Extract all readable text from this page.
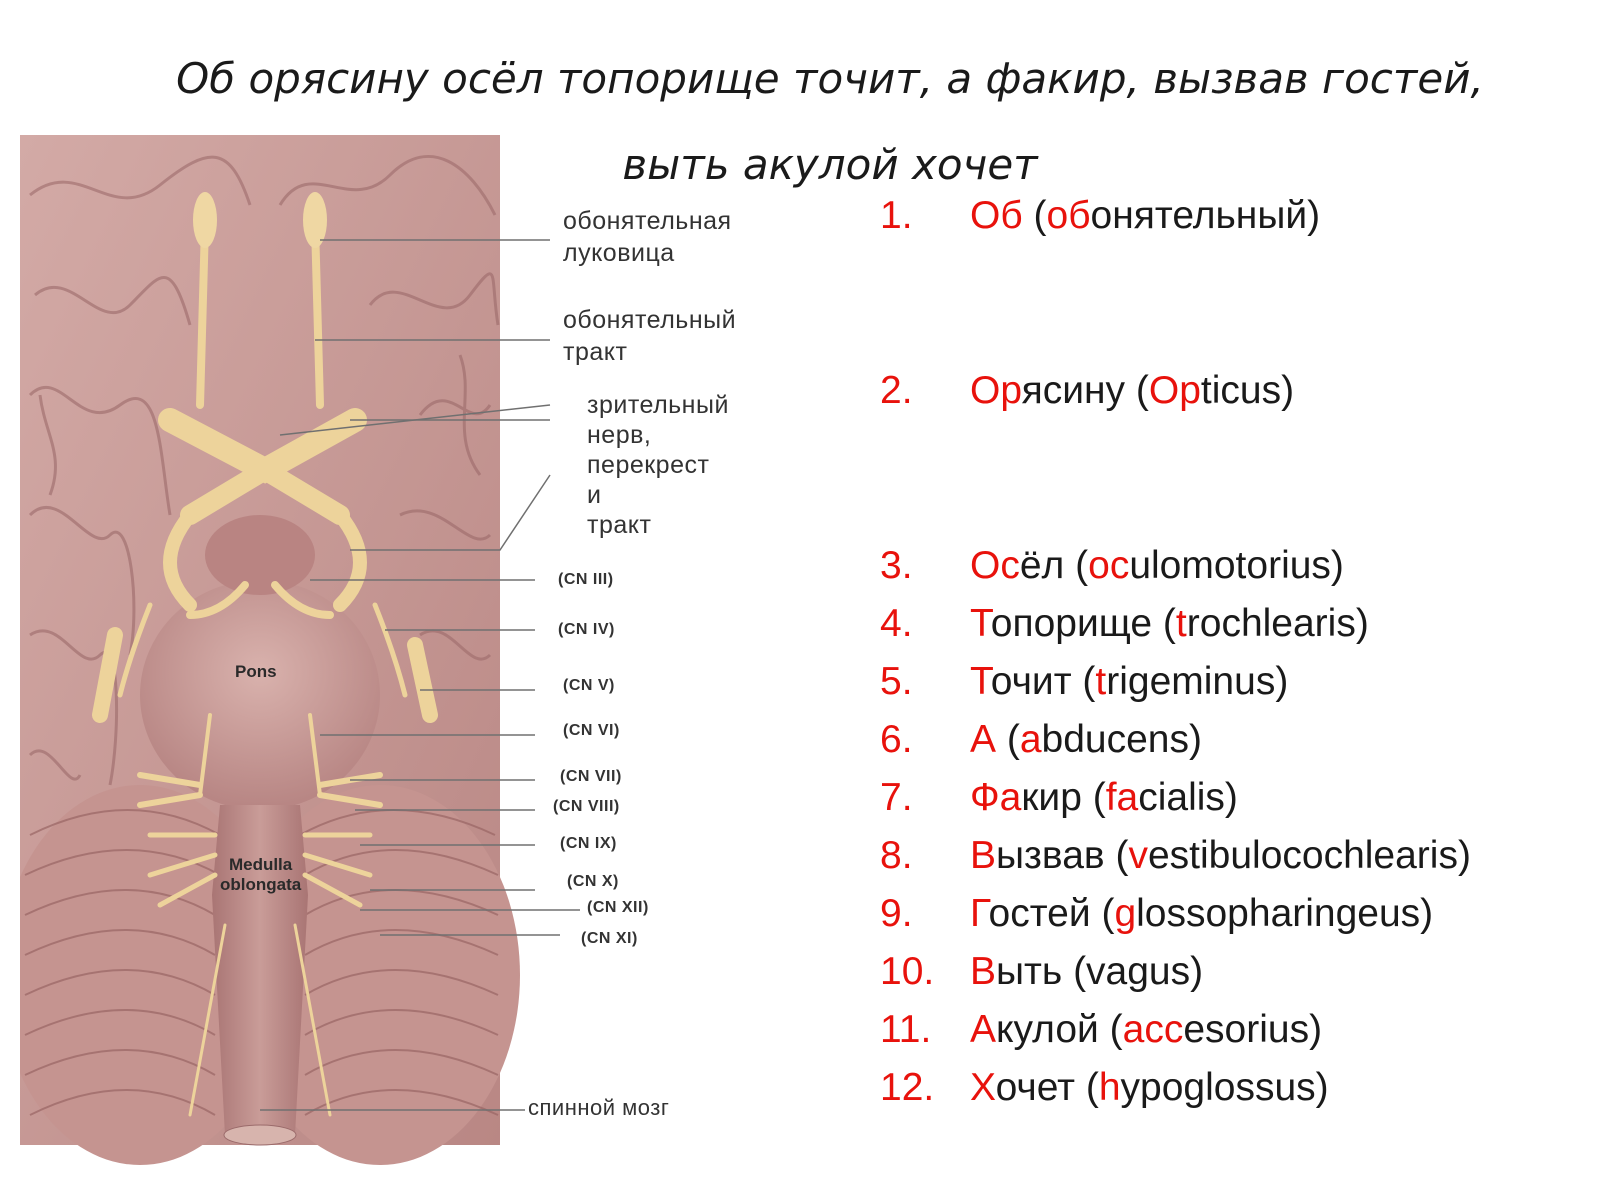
Об орясину осёл топорище точит, а факир, вызвав гостей,
выть акулой хочет
обонятельная
луковица
обонятельный
тракт
зрительный нерв,
перекрест и
тракт
(CN III)
(CN IV)
(CN V)
(CN VI)
(CN VII)
(CN VIII)
(CN IX)
(CN X)
(CN XII)
(CN XI)
спинной мозг
Pons
Medulla
oblongata
1. Об (обонятельный)
2. Орясину (Opticus)
3. Осёл (oculomotorius)
4. Топорище (trochlearis)
5. Точит (trigeminus)
6. А (abducens)
7. Факир (facialis)
8. Вызвав (vestibulocochlearis)
9. Гостей (glossopharingeus)
10. Выть (vagus)
11. Акулой (accesorius)
12. Хочет (hypoglossus)
